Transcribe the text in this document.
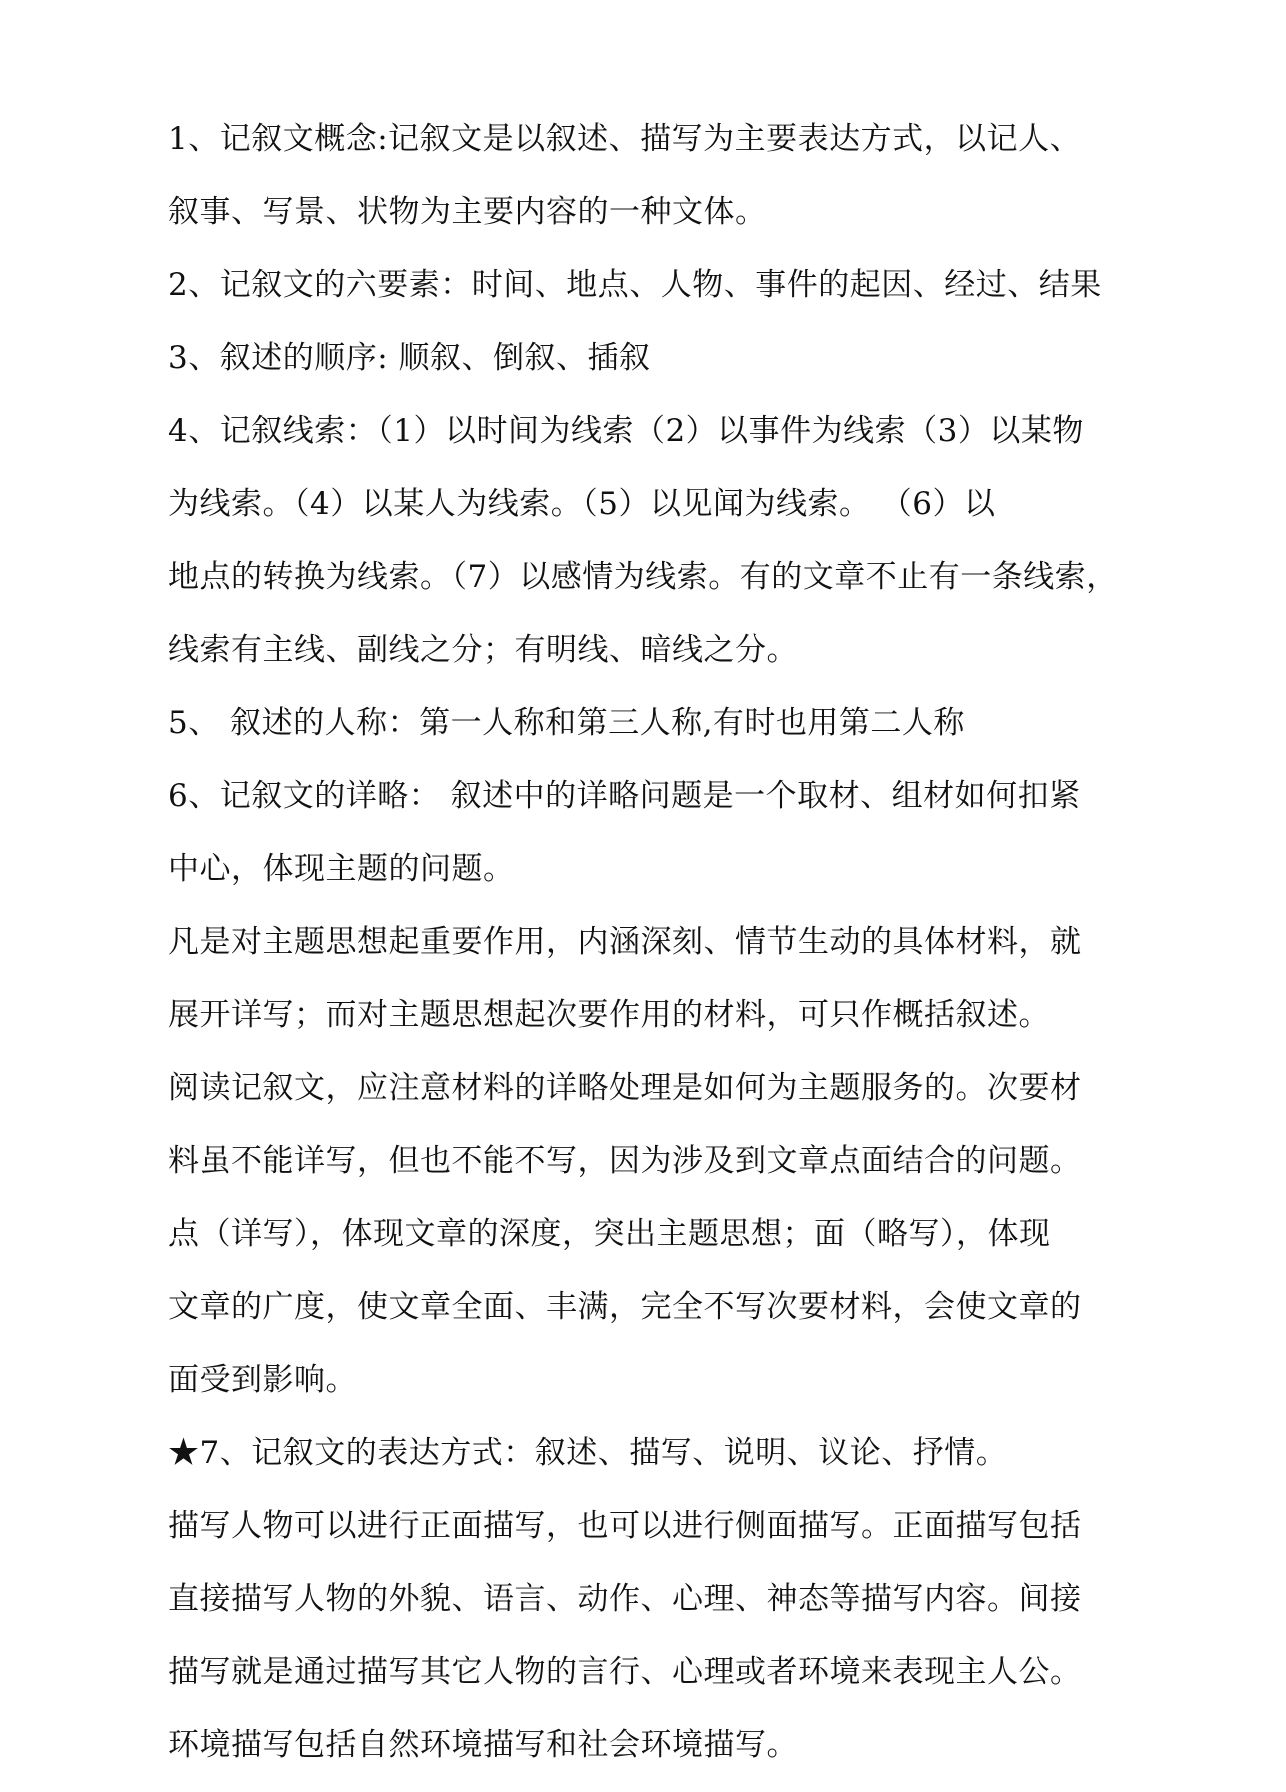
1、记叙文概念:记叙文是以叙述、描写为主要表达方式，以记人、
叙事、写景、状物为主要内容的一种文体。
2、记叙文的六要素：时间、地点、人物、事件的起因、经过、结果
3、叙述的顺序: 顺叙、倒叙、插叙
4、记叙线索：（1）以时间为线索（2）以事件为线索（3）以某物
为线索。（4）以某人为线索。（5）以见闻为线索。 （6）以
地点的转换为线索。（7）以感情为线索。有的文章不止有一条线索，
线索有主线、副线之分；有明线、暗线之分。
5、 叙述的人称：第一人称和第三人称,有时也用第二人称
6、记叙文的详略： 叙述中的详略问题是一个取材、组材如何扣紧
中心，体现主题的问题。
凡是对主题思想起重要作用，内涵深刻、情节生动的具体材料，就
展开详写；而对主题思想起次要作用的材料，可只作概括叙述。
阅读记叙文，应注意材料的详略处理是如何为主题服务的。次要材
料虽不能详写，但也不能不写，因为涉及到文章点面结合的问题。
点（详写），体现文章的深度，突出主题思想；面（略写），体现
文章的广度，使文章全面、丰满，完全不写次要材料，会使文章的
面受到影响。
★7、记叙文的表达方式：叙述、描写、说明、议论、抒情。
描写人物可以进行正面描写，也可以进行侧面描写。正面描写包括
直接描写人物的外貌、语言、动作、心理、神态等描写内容。间接
描写就是通过描写其它人物的言行、心理或者环境来表现主人公。
环境描写包括自然环境描写和社会环境描写。
